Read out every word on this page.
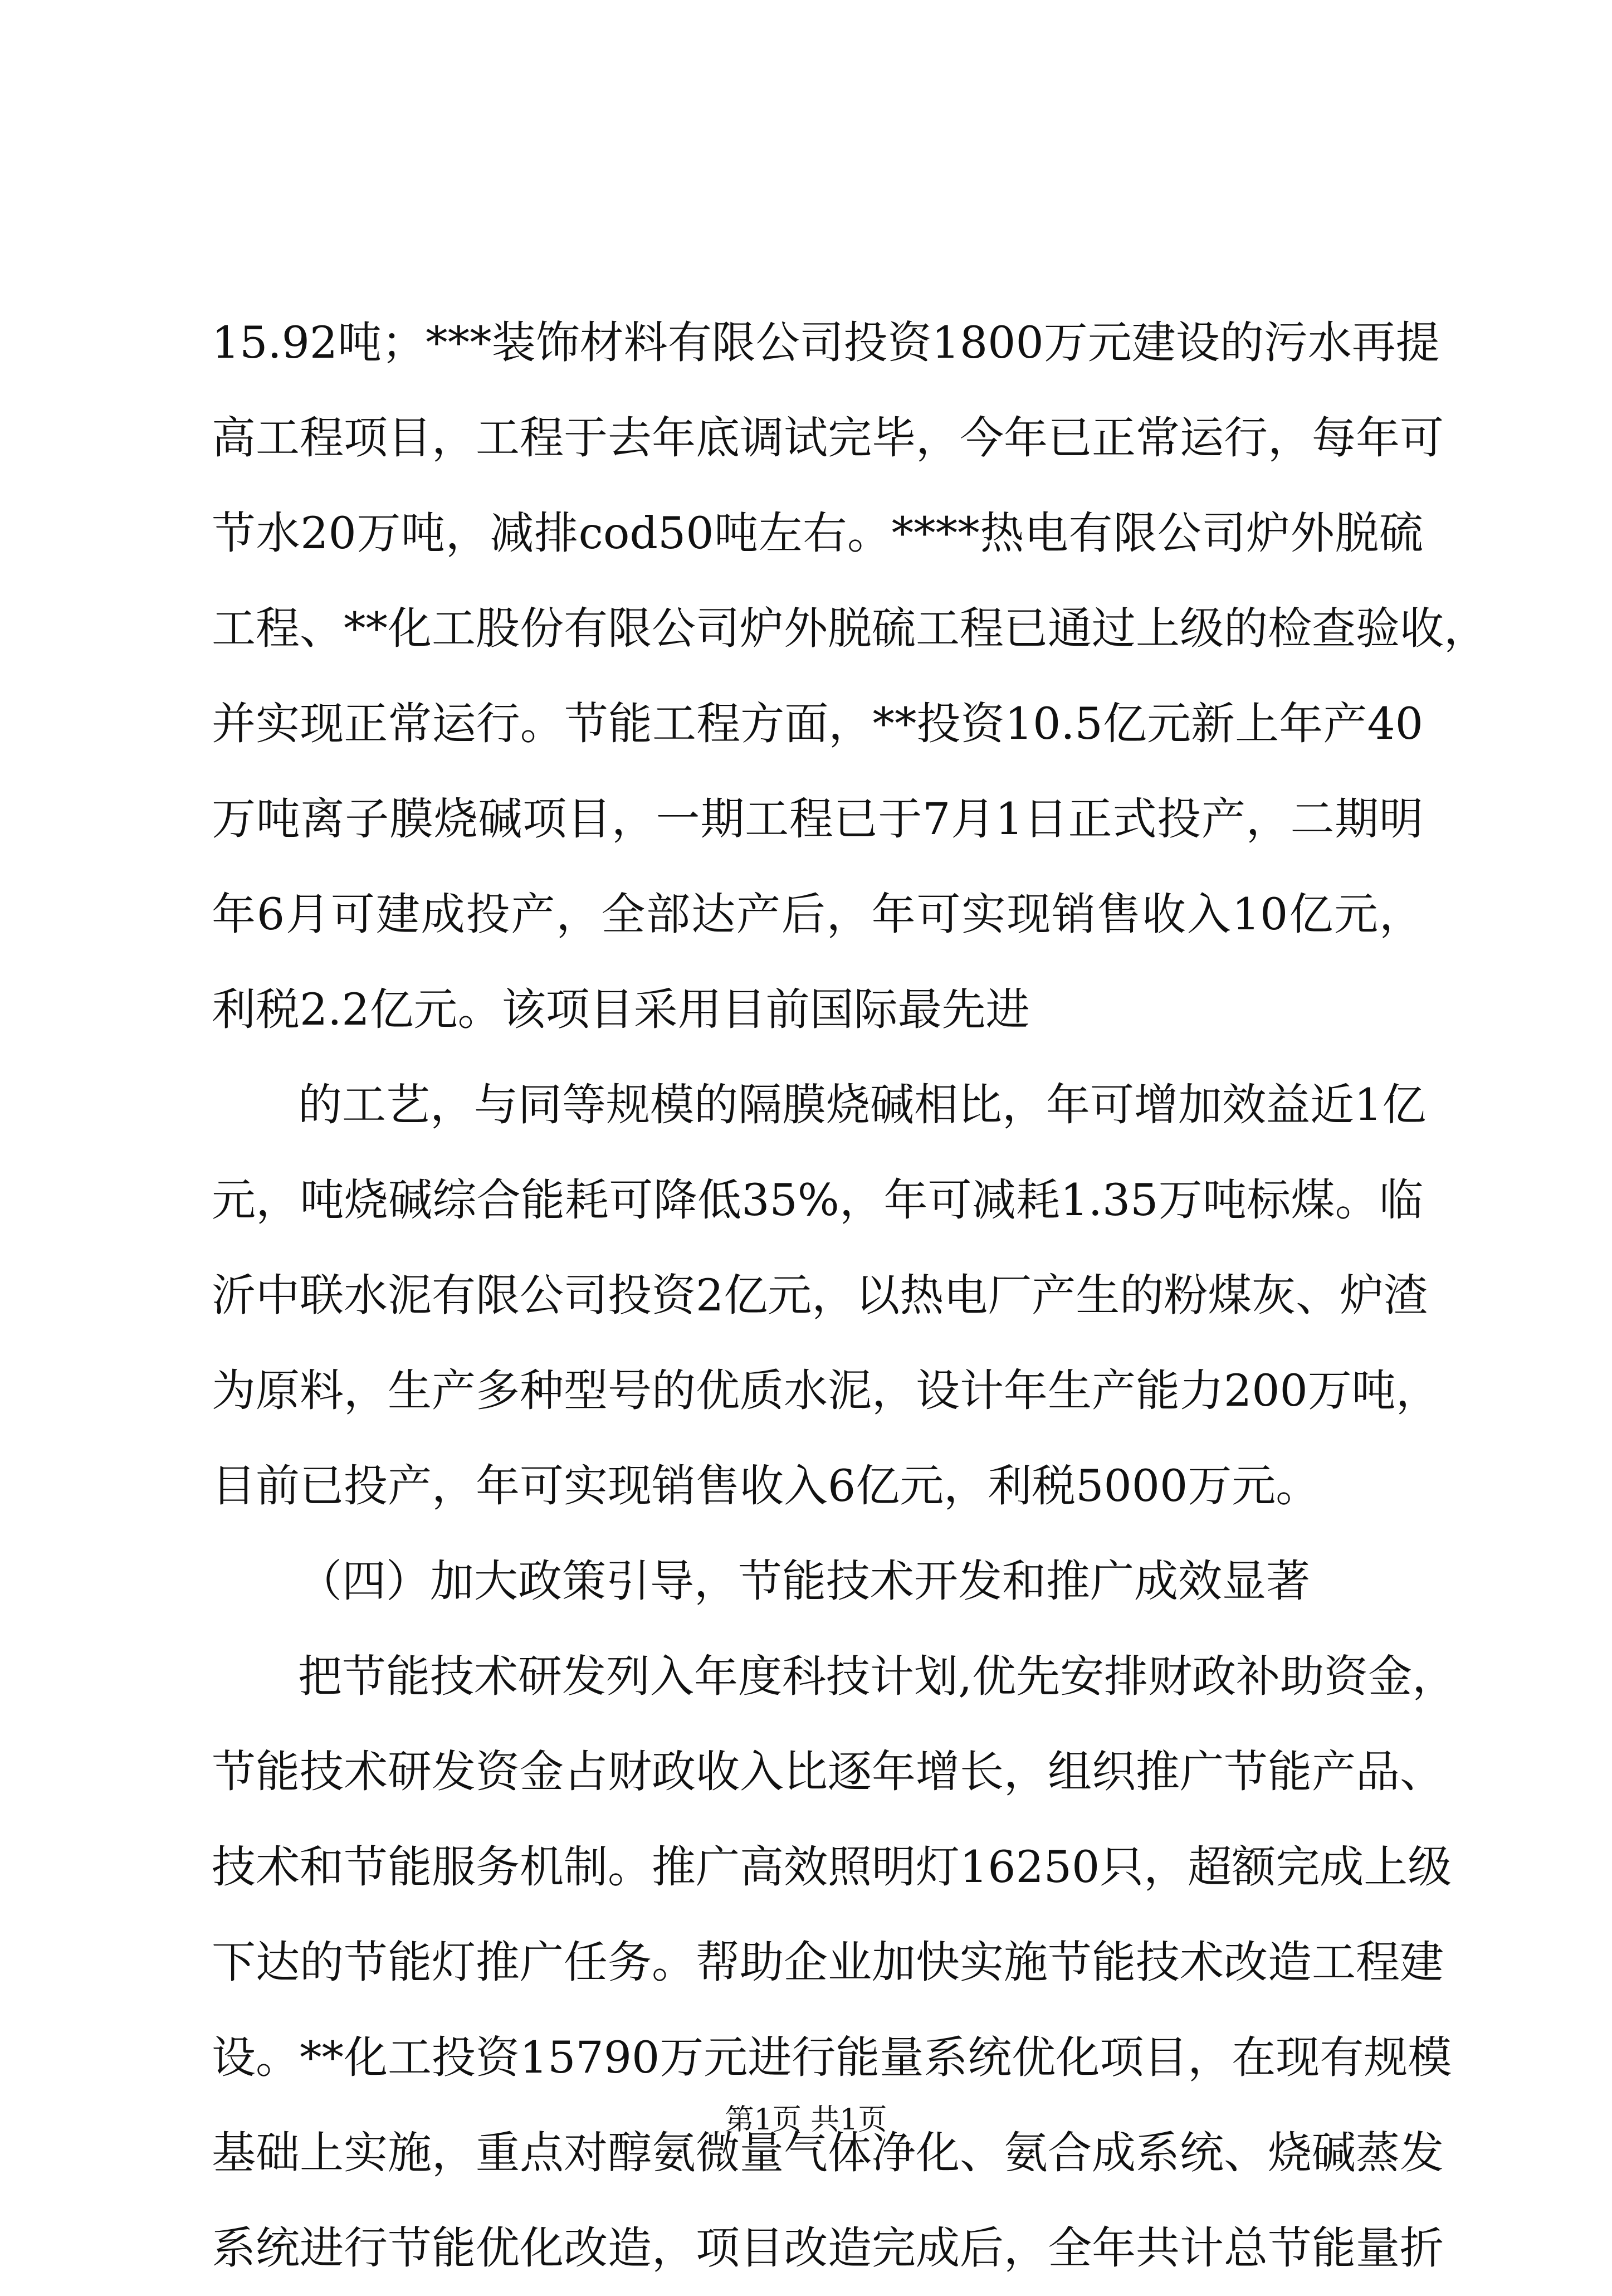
15.92吨；***装饰材料有限公司投资1800万元建设的污水再提
高工程项目，工程于去年底调试完毕，今年已正常运行，每年可
节水20万吨，减排cod50吨左右。****热电有限公司炉外脱硫
工程、**化工股份有限公司炉外脱硫工程已通过上级的检查验收，
并实现正常运行。节能工程方面，**投资10.5亿元新上年产40
万吨离子膜烧碱项目，一期工程已于7月1日正式投产，二期明
年6月可建成投产，全部达产后，年可实现销售收入10亿元，
利税2.2亿元。该项目采用目前国际最先进
的工艺，与同等规模的隔膜烧碱相比，年可增加效益近1亿
元，吨烧碱综合能耗可降低35%，年可减耗1.35万吨标煤。临
沂中联水泥有限公司投资2亿元，以热电厂产生的粉煤灰、炉渣
为原料，生产多种型号的优质水泥，设计年生产能力200万吨，
目前已投产，年可实现销售收入6亿元，利税5000万元。
（四）加大政策引导，节能技术开发和推广成效显著
把节能技术研发列入年度科技计划,优先安排财政补助资金，
节能技术研发资金占财政收入比逐年增长，组织推广节能产品、
技术和节能服务机制。推广高效照明灯16250只，超额完成上级
下达的节能灯推广任务。帮助企业加快实施节能技术改造工程建
设。**化工投资15790万元进行能量系统优化项目，在现有规模
基础上实施，重点对醇氨微量气体净化、氨合成系统、烧碱蒸发
系统进行节能优化改造，项目改造完成后，全年共计总节能量折
第1页 共1页
